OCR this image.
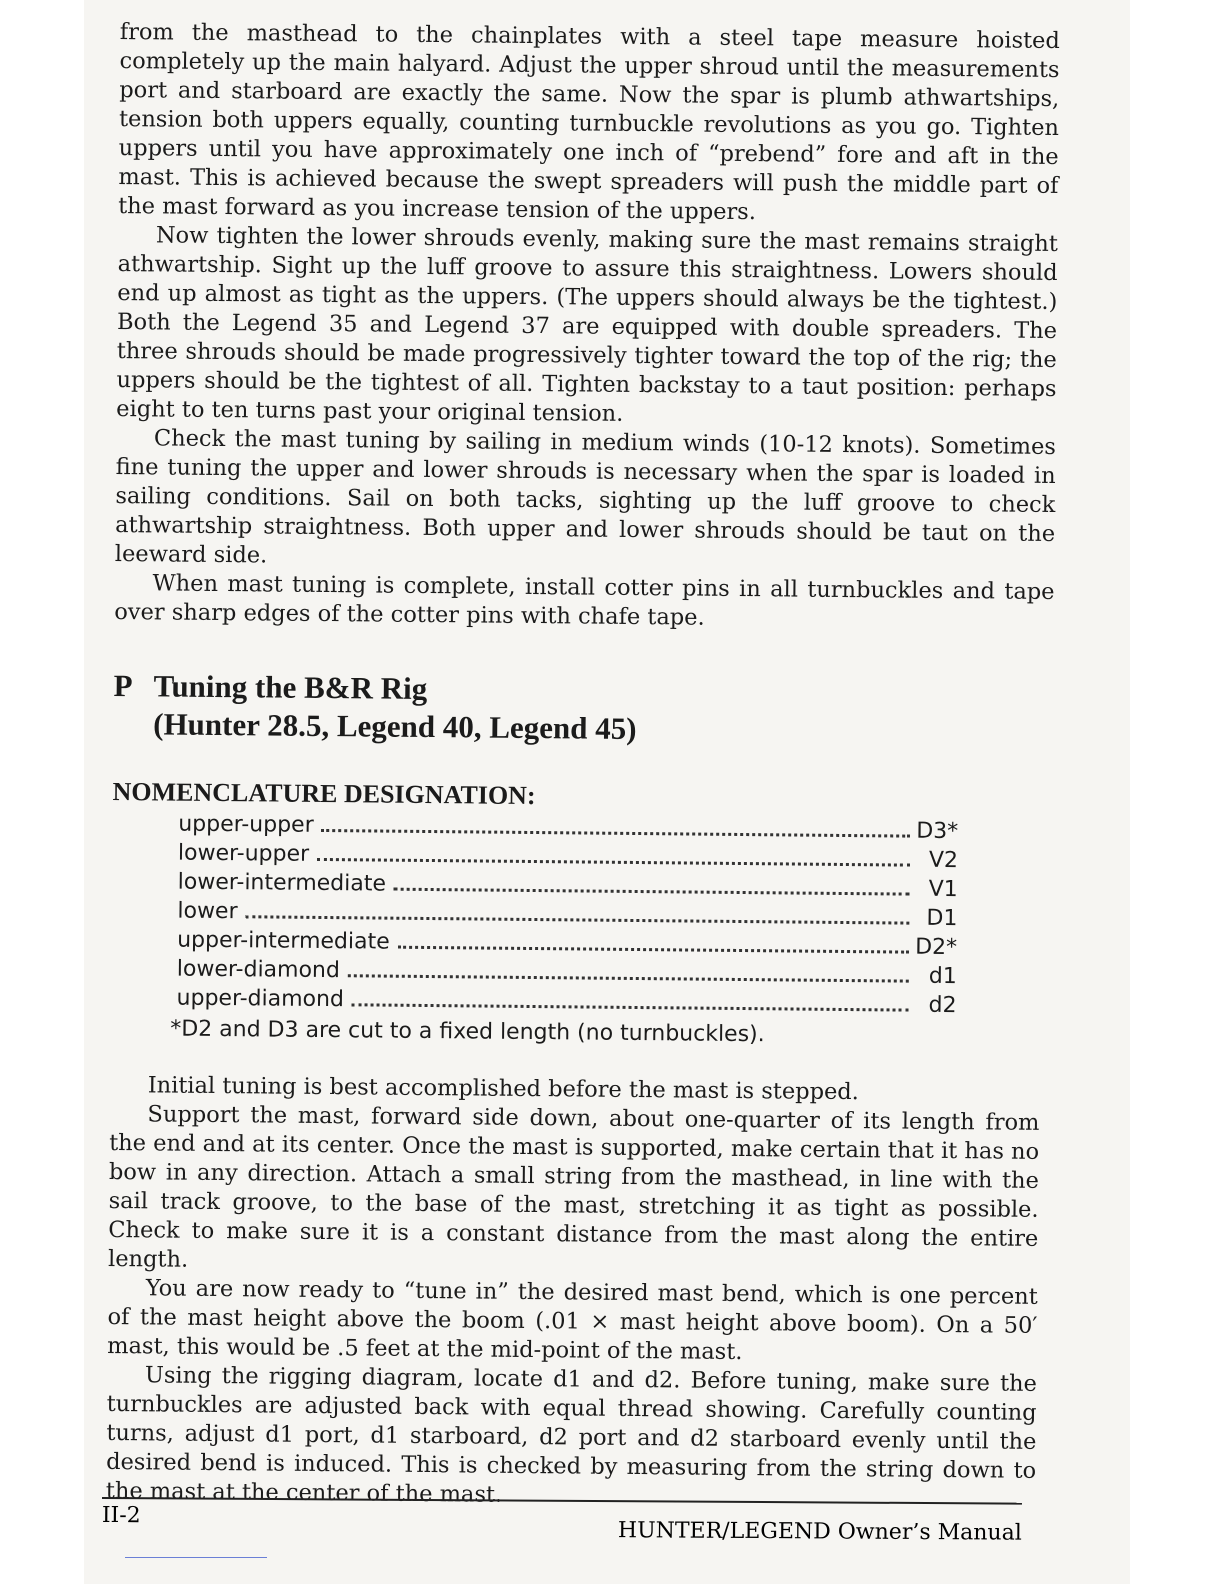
from the masthead to the chainplates with a steel tape measure hoisted completely up the main halyard. Adjust the upper shroud until the measurements port and starboard are exactly the same. Now the spar is plumb athwartships, tension both uppers equally, counting turnbuckle revolutions as you go. Tighten uppers until you have approximately one inch of “prebend” fore and aft in the mast. This is achieved because the swept spreaders will push the middle part of the mast forward as you increase tension of the uppers.

Now tighten the lower shrouds evenly, making sure the mast remains straight athwartship. Sight up the luff groove to assure this straightness. Lowers should end up almost as tight as the uppers. (The uppers should always be the tightest.) Both the Legend 35 and Legend 37 are equipped with double spreaders. The three shrouds should be made progressively tighter toward the top of the rig; the uppers should be the tightest of all. Tighten backstay to a taut position: perhaps eight to ten turns past your original tension.

Check the mast tuning by sailing in medium winds (10-12 knots). Sometimes fine tuning the upper and lower shrouds is necessary when the spar is loaded in sailing conditions. Sail on both tacks, sighting up the luff groove to check athwartship straightness. Both upper and lower shrouds should be taut on the leeward side.

When mast tuning is complete, install cotter pins in all turnbuckles and tape over sharp edges of the cotter pins with chafe tape.

P Tuning the B&R Rig
(Hunter 28.5, Legend 40, Legend 45)
NOMENCLATURE DESIGNATION:
upper-upper	D3*
lower-upper	V2
lower-intermediate	V1
lower	D1
upper-intermediate	D2*
lower-diamond	d1
upper-diamond	d2

*D2 and D3 are cut to a fixed length (no turnbuckles).

Initial tuning is best accomplished before the mast is stepped.

Support the mast, forward side down, about one-quarter of its length from the end and at its center. Once the mast is supported, make certain that it has no bow in any direction. Attach a small string from the masthead, in line with the sail track groove, to the base of the mast, stretching it as tight as possible. Check to make sure it is a constant distance from the mast along the entire length.

You are now ready to “tune in” the desired mast bend, which is one percent of the mast height above the boom (.01 × mast height above boom). On a 50′ mast, this would be .5 feet at the mid-point of the mast.

Using the rigging diagram, locate d1 and d2. Before tuning, make sure the turnbuckles are adjusted back with equal thread showing. Carefully counting turns, adjust d1 port, d1 starboard, d2 port and d2 starboard evenly until the desired bend is induced. This is checked by measuring from the string down to the mast at the center of the mast.

II-2
HUNTER/LEGEND Owner’s Manual
